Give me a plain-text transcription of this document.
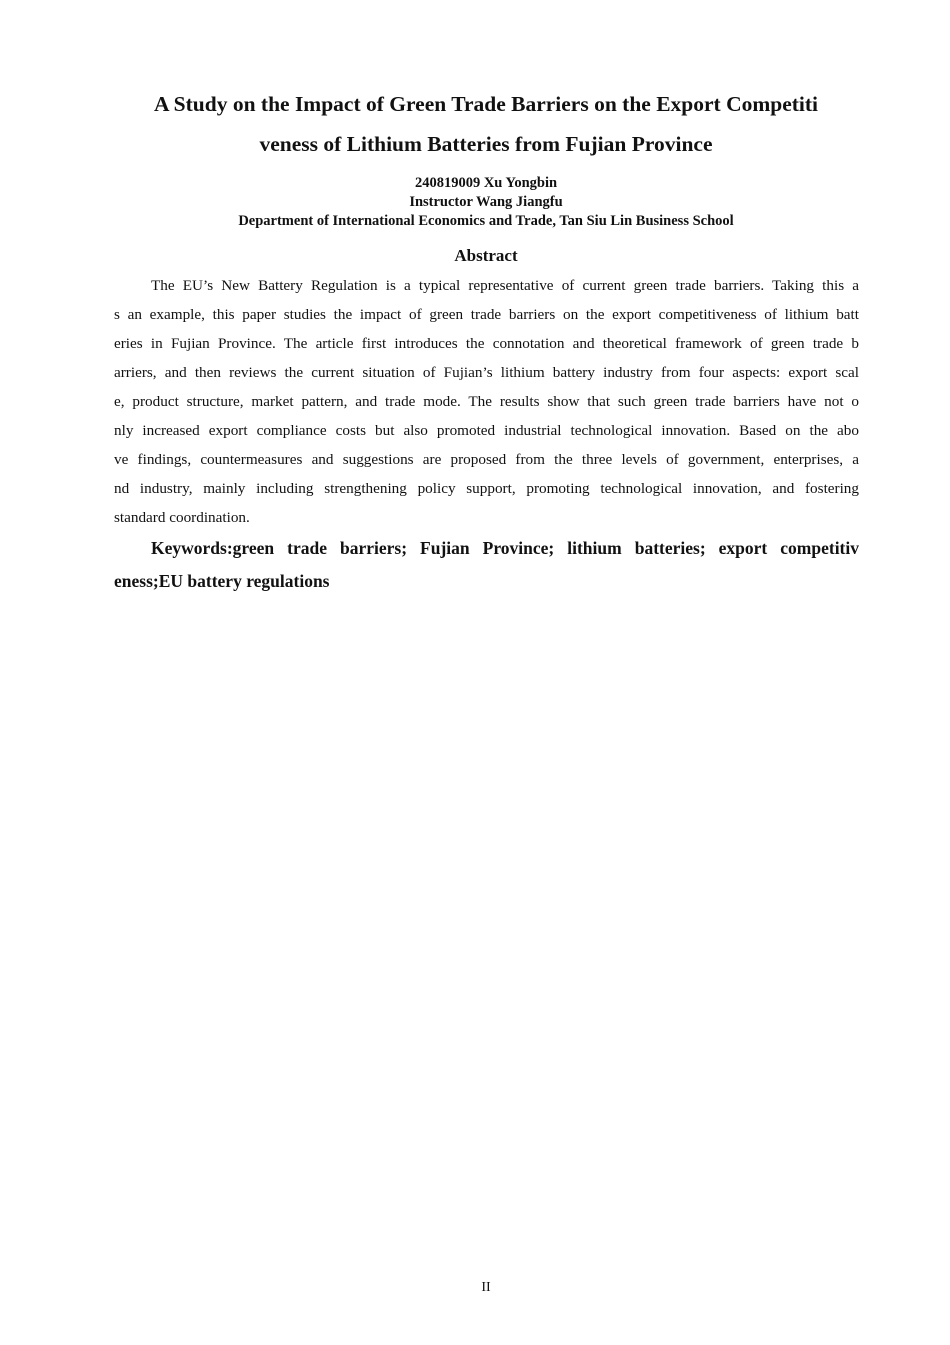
A Study on the Impact of Green Trade Barriers on the Export Competiti
veness of Lithium Batteries from Fujian Province
240819009 Xu Yongbin
Instructor Wang Jiangfu
Department of International Economics and Trade, Tan Siu Lin Business School
Abstract

The EU’s New Battery Regulation is a typical representative of current green trade barriers. Taking this a

s an example, this paper studies the impact of green trade barriers on the export competitiveness of lithium batt

eries in Fujian Province. The article first introduces the connotation and theoretical framework of green trade b

arriers, and then reviews the current situation of Fujian’s lithium battery industry from four aspects: export scal

e, product structure, market pattern, and trade mode. The results show that such green trade barriers have not o

nly increased export compliance costs but also promoted industrial technological innovation. Based on the abo

ve findings, countermeasures and suggestions are proposed from the three levels of government, enterprises, a

nd industry, mainly including strengthening policy support, promoting technological innovation, and fostering

standard coordination.

Keywords:green trade barriers; Fujian Province; lithium batteries; export competitiv

eness;EU battery regulations

II
